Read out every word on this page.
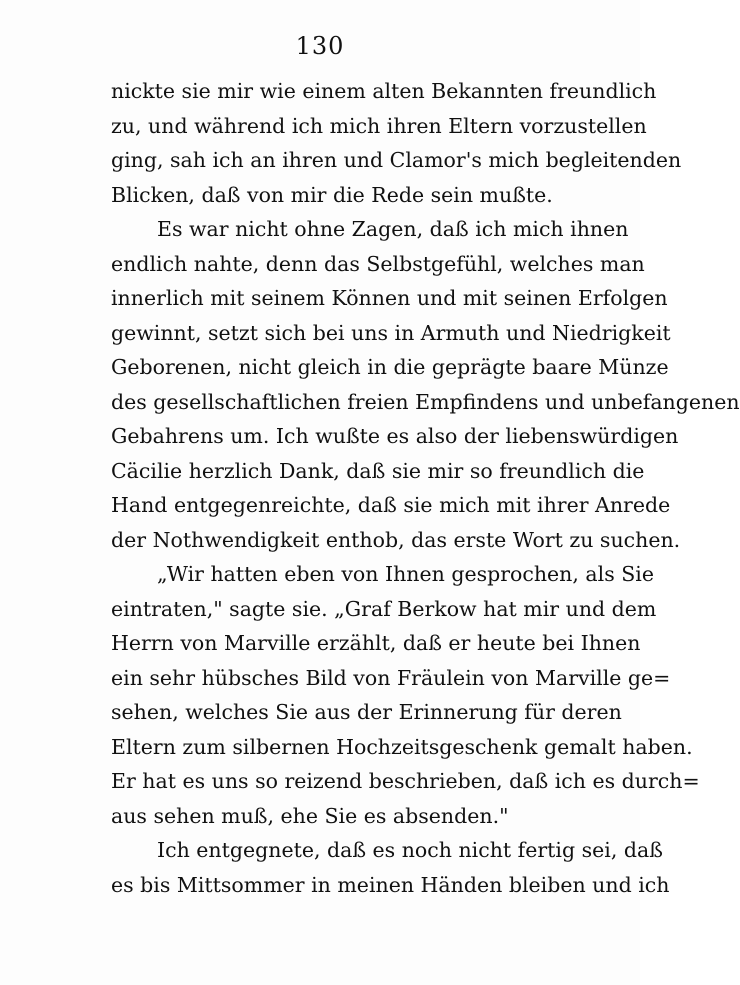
130
nickte sie mir wie einem alten Bekannten freundlich
zu, und während ich mich ihren Eltern vorzustellen
ging, sah ich an ihren und Clamor's mich begleitenden
Blicken, daß von mir die Rede sein mußte.
Es war nicht ohne Zagen, daß ich mich ihnen
endlich nahte, denn das Selbstgefühl, welches man
innerlich mit seinem Können und mit seinen Erfolgen
gewinnt, setzt sich bei uns in Armuth und Niedrigkeit
Geborenen, nicht gleich in die geprägte baare Münze
des gesellschaftlichen freien Empfindens und unbefangenen
Gebahrens um. Ich wußte es also der liebenswürdigen
Cäcilie herzlich Dank, daß sie mir so freundlich die
Hand entgegenreichte, daß sie mich mit ihrer Anrede
der Nothwendigkeit enthob, das erste Wort zu suchen.
„Wir hatten eben von Ihnen gesprochen, als Sie
eintraten," sagte sie. „Graf Berkow hat mir und dem
Herrn von Marville erzählt, daß er heute bei Ihnen
ein sehr hübsches Bild von Fräulein von Marville ge=
sehen, welches Sie aus der Erinnerung für deren
Eltern zum silbernen Hochzeitsgeschenk gemalt haben.
Er hat es uns so reizend beschrieben, daß ich es durch=
aus sehen muß, ehe Sie es absenden."
Ich entgegnete, daß es noch nicht fertig sei, daß
es bis Mittsommer in meinen Händen bleiben und ich
